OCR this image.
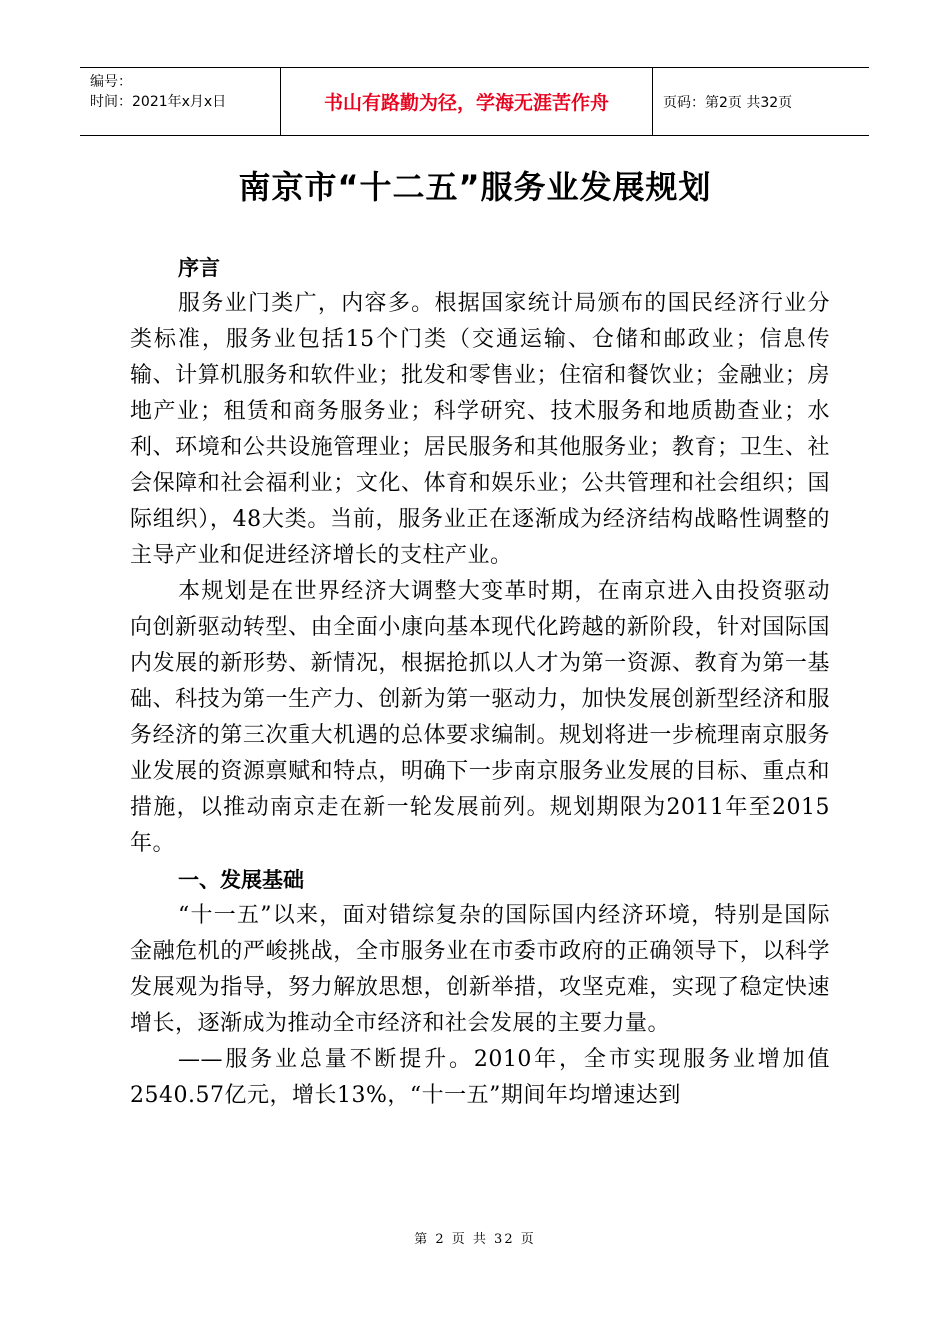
编号：
时间：2021年x月x日	书山有路勤为径，学海无涯苦作舟	页码：第2页 共32页
南京市“十二五”服务业发展规划

序言

服务业门类广，内容多。根据国家统计局颁布的国民经济行业分类标准，服务业包括15个门类（交通运输、仓储和邮政业；信息传输、计算机服务和软件业；批发和零售业；住宿和餐饮业；金融业；房地产业；租赁和商务服务业；科学研究、技术服务和地质勘查业；水利、环境和公共设施管理业；居民服务和其他服务业；教育；卫生、社会保障和社会福利业；文化、体育和娱乐业；公共管理和社会组织；国际组织），48大类。当前，服务业正在逐渐成为经济结构战略性调整的主导产业和促进经济增长的支柱产业。

本规划是在世界经济大调整大变革时期，在南京进入由投资驱动向创新驱动转型、由全面小康向基本现代化跨越的新阶段，针对国际国内发展的新形势、新情况，根据抢抓以人才为第一资源、教育为第一基础、科技为第一生产力、创新为第一驱动力，加快发展创新型经济和服务经济的第三次重大机遇的总体要求编制。规划将进一步梳理南京服务业发展的资源禀赋和特点，明确下一步南京服务业发展的目标、重点和措施，以推动南京走在新一轮发展前列。规划期限为2011年至2015年。

一、发展基础

“十一五”以来，面对错综复杂的国际国内经济环境，特别是国际金融危机的严峻挑战，全市服务业在市委市政府的正确领导下，以科学发展观为指导，努力解放思想，创新举措，攻坚克难，实现了稳定快速增长，逐渐成为推动全市经济和社会发展的主要力量。

——服务业总量不断提升。2010年，全市实现服务业增加值2540.57亿元，增长13%，“十一五”期间年均增速达到

第 2 页 共 32 页
